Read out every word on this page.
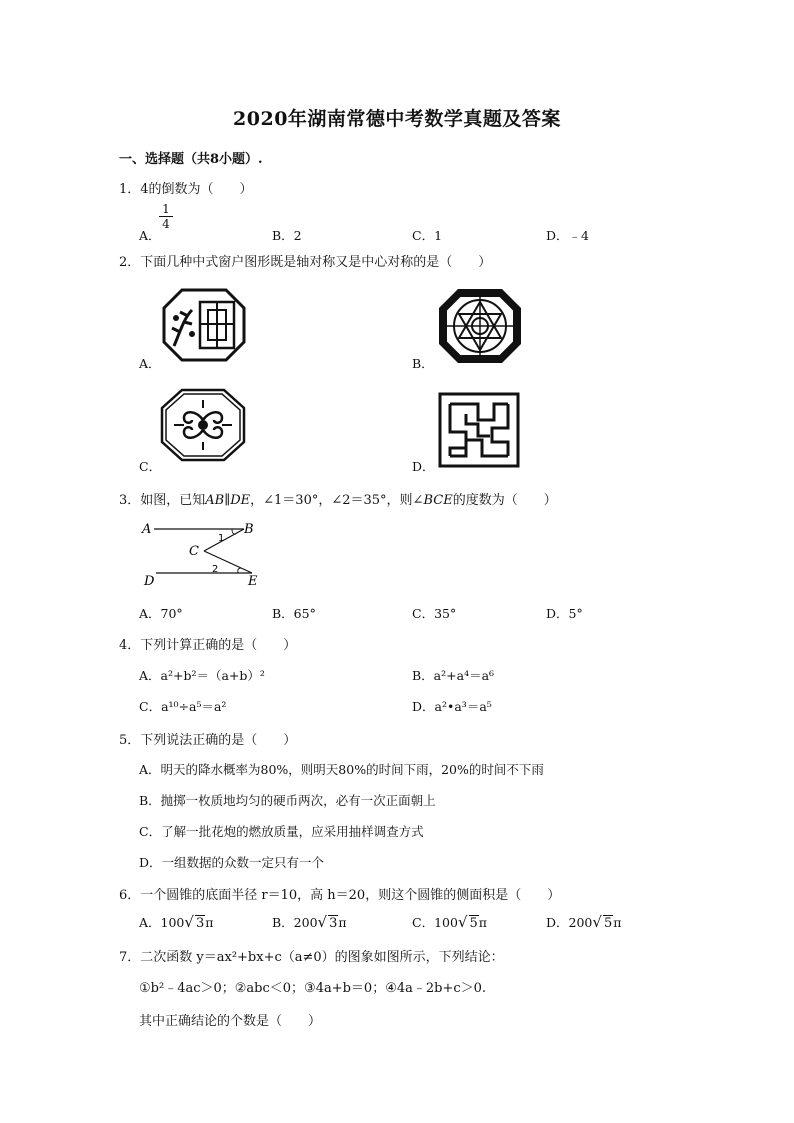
2020年湖南常德中考数学真题及答案
一、选择题（共8小题）.
1．4的倒数为（　　）
A．
1
4
B．2	C．1	D．﹣4
2．下面几种中式窗户图形既是轴对称又是中心对称的是（　　）
A．	B．
C．	D．
3．如图，已知AB∥DE，∠1＝30°，∠2＝35°，则∠BCE的度数为（　　）
A	B
C
D	E
1
2
A．70°	B．65°	C．35°	D．5°
4．下列计算正确的是（　　）
A．a²+b²＝（a+b）²	B．a²+a⁴＝a⁶
C．a¹⁰÷a⁵＝a²	D．a²•a³＝a⁵
5．下列说法正确的是（　　）
A．明天的降水概率为80%，则明天80%的时间下雨，20%的时间不下雨
B．抛掷一枚质地均匀的硬币两次，必有一次正面朝上
C．了解一批花炮的燃放质量，应采用抽样调查方式
D．一组数据的众数一定只有一个
6．一个圆锥的底面半径 r＝10，高 h＝20，则这个圆锥的侧面积是（　　）
A．100√ 3π	B．200√ 3π	C．100√ 5π	D．200√ 5π
7．二次函数 y＝ax²+bx+c（a≠0）的图象如图所示，下列结论：
①b²﹣4ac＞0；②abc＜0；③4a+b＝0；④4a﹣2b+c＞0.
其中正确结论的个数是（　　）
